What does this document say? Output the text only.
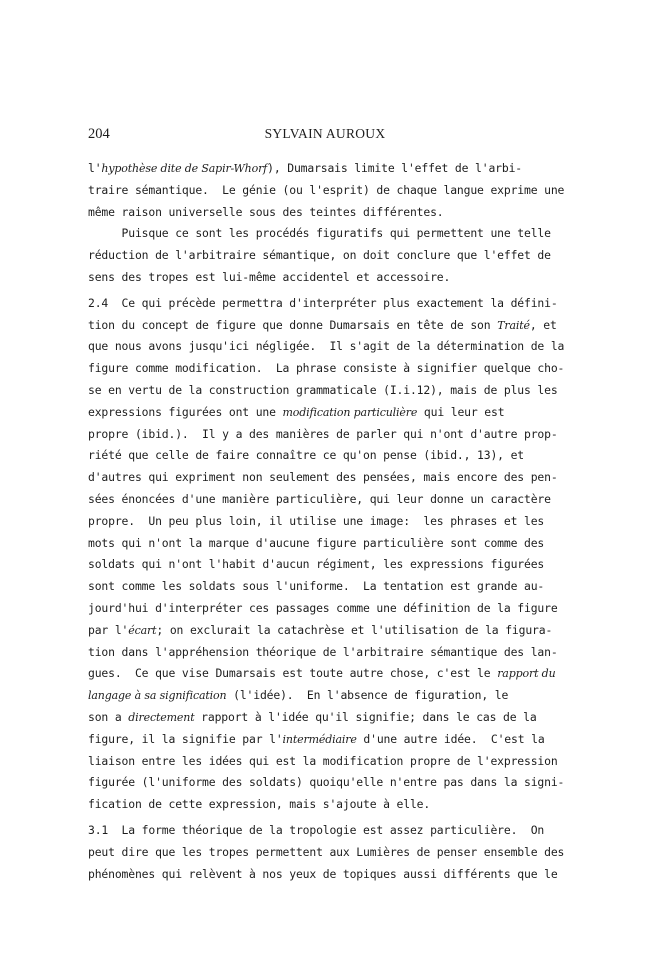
204	SYLVAIN AUROUX
l'hypothèse dite de Sapir-Whorf), Dumarsais limite l'effet de l'arbi-
traire sémantique.  Le génie (ou l'esprit) de chaque langue exprime une
même raison universelle sous des teintes différentes.
Puisque ce sont les procédés figuratifs qui permettent une telle
réduction de l'arbitraire sémantique, on doit conclure que l'effet de
sens des tropes est lui-même accidentel et accessoire.
2.4  Ce qui précède permettra d'interpréter plus exactement la défini-
tion du concept de figure que donne Dumarsais en tête de son Traité, et
que nous avons jusqu'ici négligée.  Il s'agit de la détermination de la
figure comme modification.  La phrase consiste à signifier quelque cho-
se en vertu de la construction grammaticale (I.i.12), mais de plus les
expressions figurées ont une modification particulière qui leur est
propre (ibid.).  Il y a des manières de parler qui n'ont d'autre prop-
riété que celle de faire connaître ce qu'on pense (ibid., 13), et
d'autres qui expriment non seulement des pensées, mais encore des pen-
sées énoncées d'une manière particulière, qui leur donne un caractère
propre.  Un peu plus loin, il utilise une image:  les phrases et les
mots qui n'ont la marque d'aucune figure particulière sont comme des
soldats qui n'ont l'habit d'aucun régiment, les expressions figurées
sont comme les soldats sous l'uniforme.  La tentation est grande au-
jourd'hui d'interpréter ces passages comme une définition de la figure
par l'écart; on exclurait la catachrèse et l'utilisation de la figura-
tion dans l'appréhension théorique de l'arbitraire sémantique des lan-
gues.  Ce que vise Dumarsais est toute autre chose, c'est le rapport du
langage à sa signification (l'idée).  En l'absence de figuration, le
son a directement rapport à l'idée qu'il signifie; dans le cas de la
figure, il la signifie par l'intermédiaire d'une autre idée.  C'est la
liaison entre les idées qui est la modification propre de l'expression
figurée (l'uniforme des soldats) quoiqu'elle n'entre pas dans la signi-
fication de cette expression, mais s'ajoute à elle.
3.1  La forme théorique de la tropologie est assez particulière.  On
peut dire que les tropes permettent aux Lumières de penser ensemble des
phénomènes qui relèvent à nos yeux de topiques aussi différents que le
